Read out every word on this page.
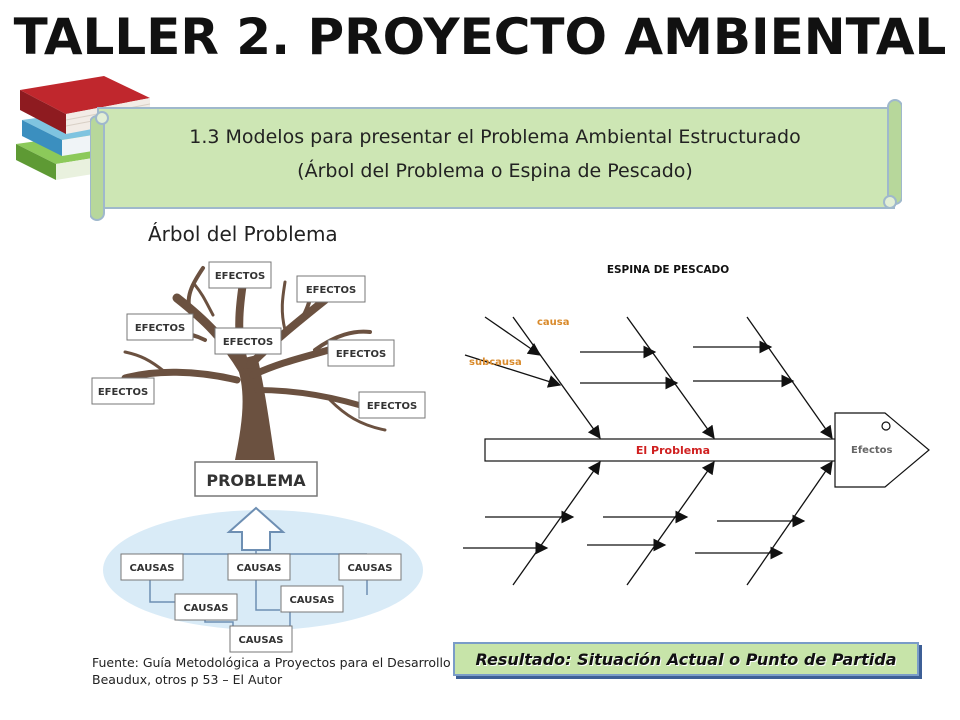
TALLER 2. PROYECTO AMBIENTAL
1.3 Modelos para presentar el Problema Ambiental Estructurado
(Árbol del Problema o Espina de Pescado)
Árbol del Problema
EFECTOS
EFECTOS
EFECTOS
EFECTOS
EFECTOS
EFECTOS
EFECTOS
PROBLEMA
CAUSAS	CAUSAS	CAUSAS
CAUSAS
CAUSAS
CAUSAS
ESPINA DE PESCADO
El Problema	Efectos
causa
subcausa
Fuente: Guía Metodológica a Proyectos para el Desarrollo
Beaudux, otros p 53 – El Autor
Resultado: Situación Actual o Punto de Partida
